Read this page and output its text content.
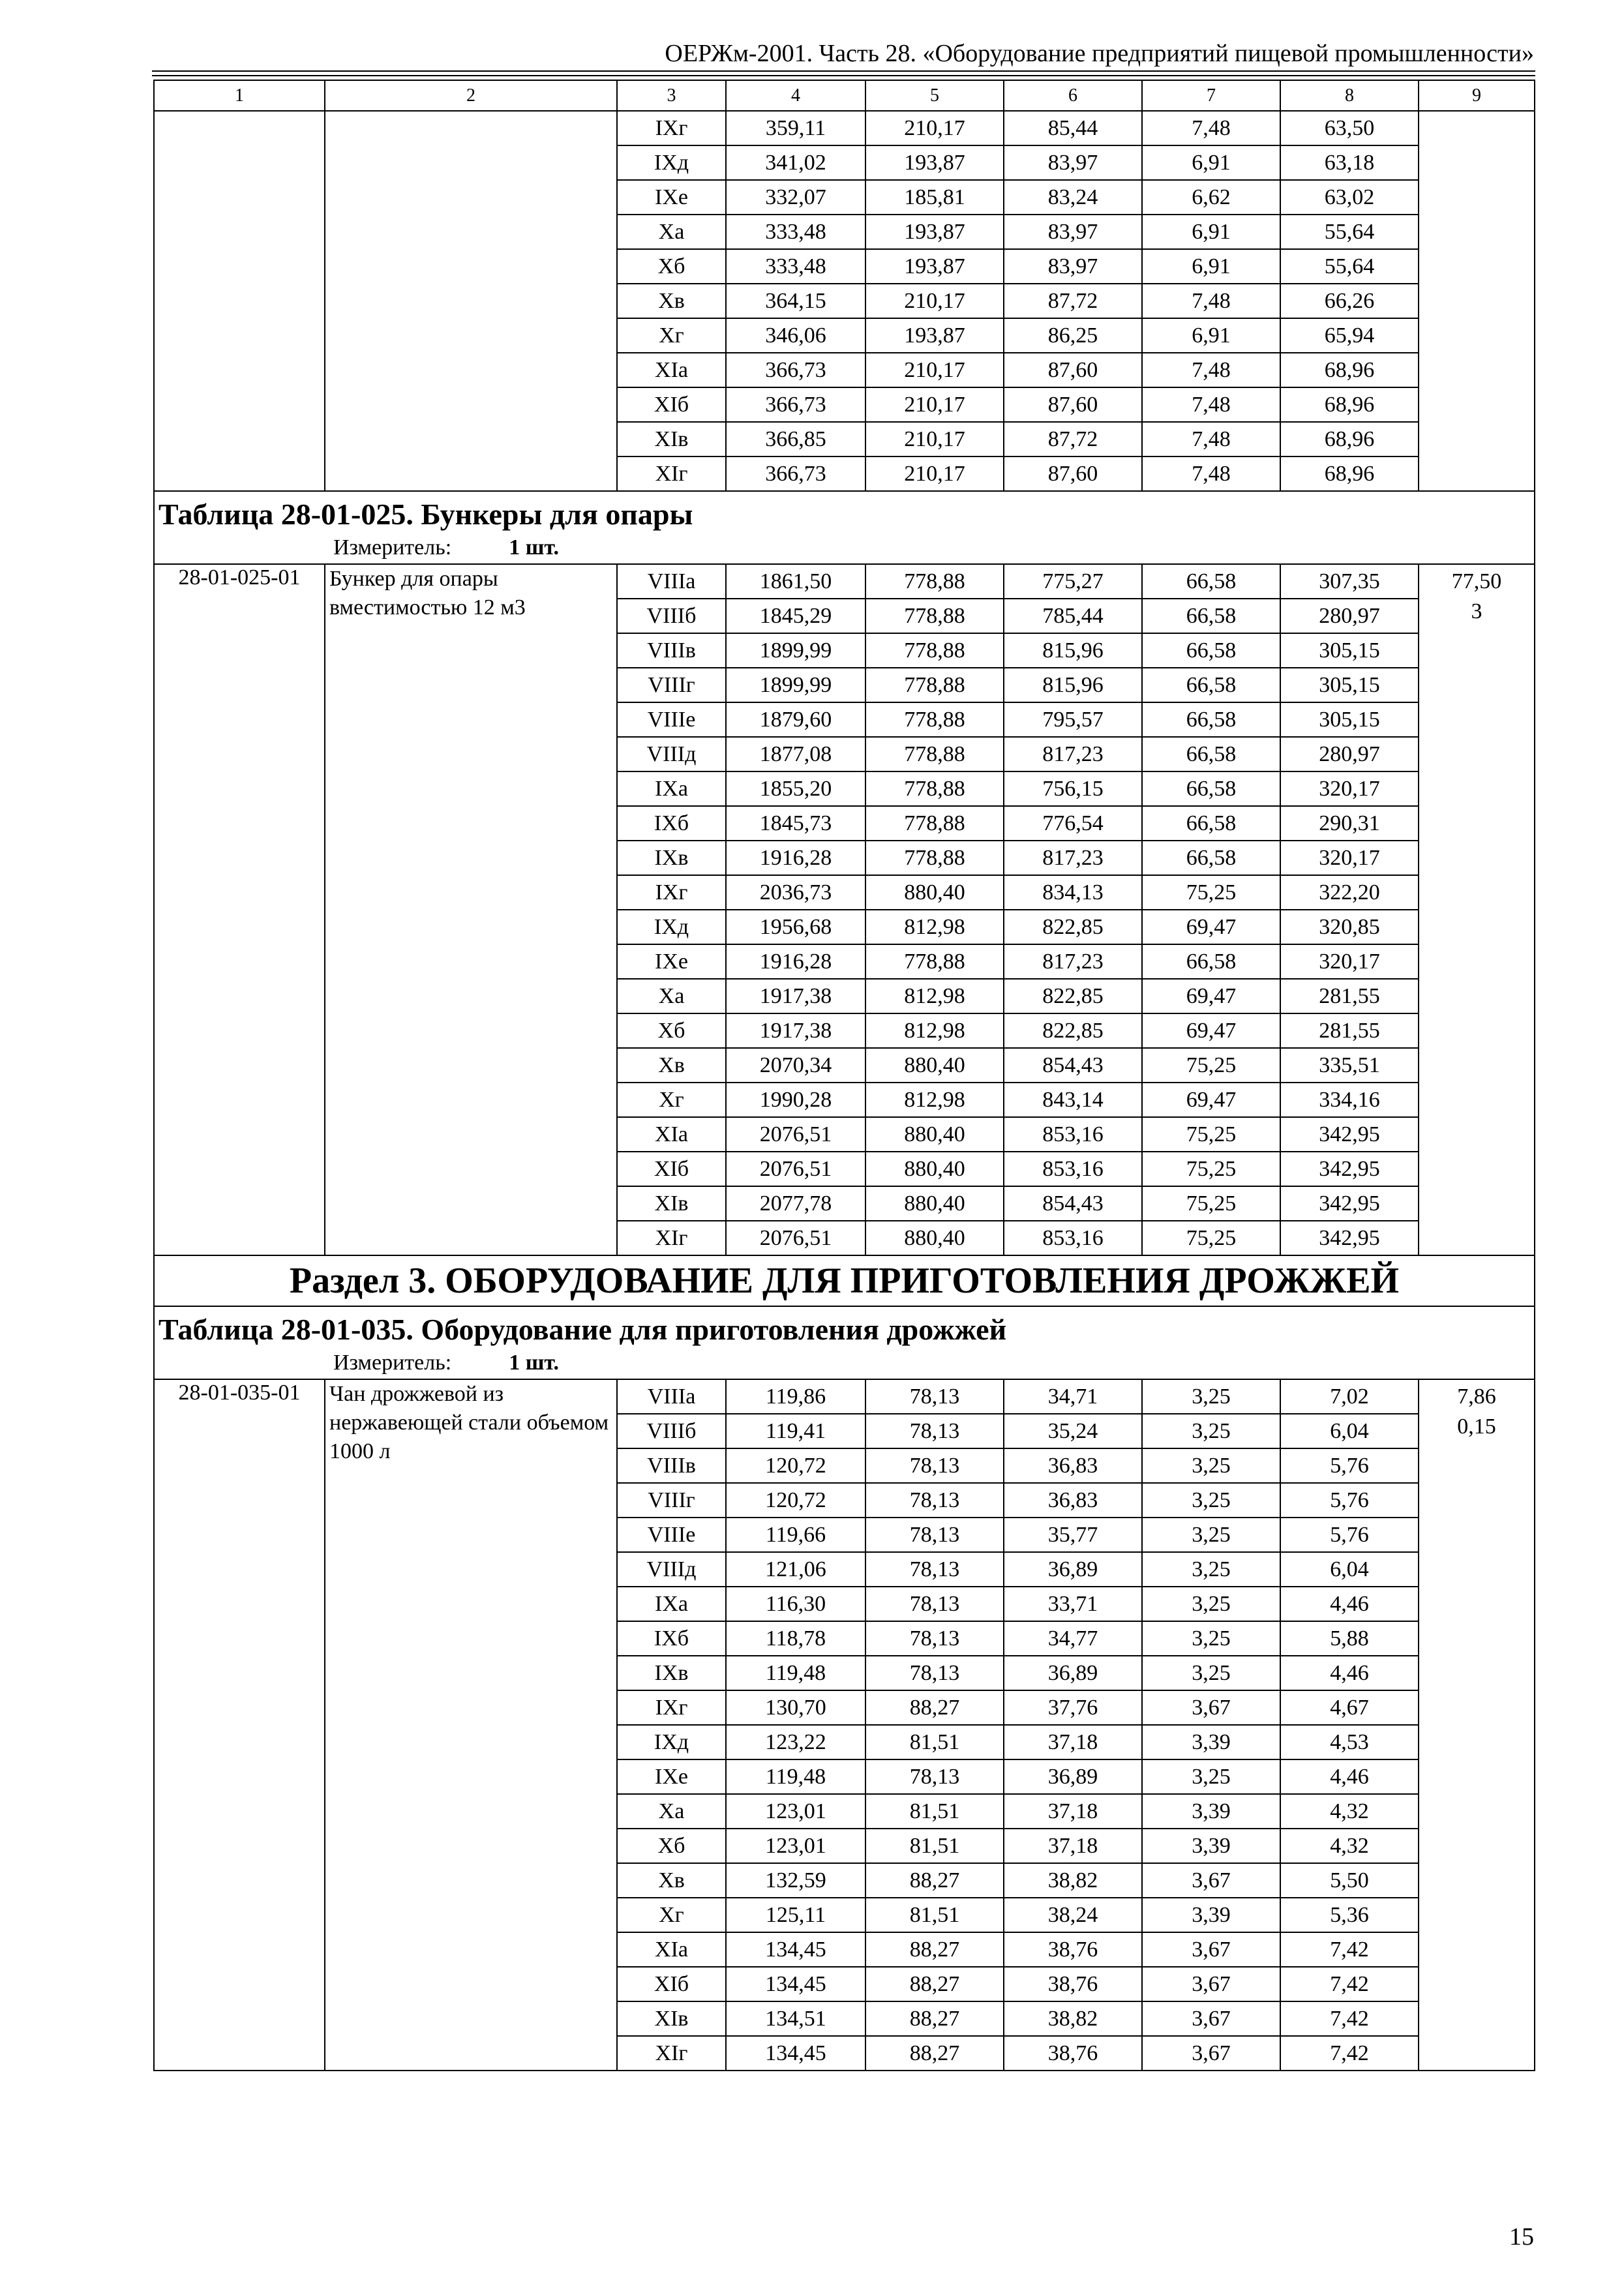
ОЕРЖм-2001. Часть 28. «Оборудование предприятий пищевой промышленности»
1	2	3	4	5	6	7	8	9
		IXг	359,11	210,17	85,44	7,48	63,50	
		IXд	341,02	193,87	83,97	6,91	63,18	
		IXе	332,07	185,81	83,24	6,62	63,02	
		Xа	333,48	193,87	83,97	6,91	55,64	
		Xб	333,48	193,87	83,97	6,91	55,64	
		Xв	364,15	210,17	87,72	7,48	66,26	
		Xг	346,06	193,87	86,25	6,91	65,94	
		XIа	366,73	210,17	87,60	7,48	68,96	
		XIб	366,73	210,17	87,60	7,48	68,96	
		XIв	366,85	210,17	87,72	7,48	68,96	
		XIг	366,73	210,17	87,60	7,48	68,96	

Таблица 28-01-025. Бункеры для опары
Измеритель: 1 шт.								

28-01-025-01	Бункер для опары вместимостью 12 м3	VIIIа	1861,50	778,88	775,27	66,58	307,35	77,50
		VIIIб	1845,29	778,88	785,44	66,58	280,97	3
		VIIIв	1899,99	778,88	815,96	66,58	305,15	
		VIIIг	1899,99	778,88	815,96	66,58	305,15	
		VIIIе	1879,60	778,88	795,57	66,58	305,15	
		VIIIд	1877,08	778,88	817,23	66,58	280,97	
		IXа	1855,20	778,88	756,15	66,58	320,17	
		IXб	1845,73	778,88	776,54	66,58	290,31	
		IXв	1916,28	778,88	817,23	66,58	320,17	
		IXг	2036,73	880,40	834,13	75,25	322,20	
		IXд	1956,68	812,98	822,85	69,47	320,85	
		IXе	1916,28	778,88	817,23	66,58	320,17	
		Xа	1917,38	812,98	822,85	69,47	281,55	
		Xб	1917,38	812,98	822,85	69,47	281,55	
		Xв	2070,34	880,40	854,43	75,25	335,51	
		Xг	1990,28	812,98	843,14	69,47	334,16	
		XIа	2076,51	880,40	853,16	75,25	342,95	
		XIб	2076,51	880,40	853,16	75,25	342,95	
		XIв	2077,78	880,40	854,43	75,25	342,95	
		XIг	2076,51	880,40	853,16	75,25	342,95	
Раздел 3. ОБОРУДОВАНИЕ ДЛЯ ПРИГОТОВЛЕНИЯ ДРОЖЖЕЙ								

Таблица 28-01-035. Оборудование для приготовления дрожжей
Измеритель: 1 шт.								

28-01-035-01	Чан дрожжевой из нержавеющей стали объемом 1000 л	VIIIа	119,86	78,13	34,71	3,25	7,02	7,86
		VIIIб	119,41	78,13	35,24	3,25	6,04	0,15
		VIIIв	120,72	78,13	36,83	3,25	5,76	
		VIIIг	120,72	78,13	36,83	3,25	5,76	
		VIIIе	119,66	78,13	35,77	3,25	5,76	
		VIIIд	121,06	78,13	36,89	3,25	6,04	
		IXа	116,30	78,13	33,71	3,25	4,46	
		IXб	118,78	78,13	34,77	3,25	5,88	
		IXв	119,48	78,13	36,89	3,25	4,46	
		IXг	130,70	88,27	37,76	3,67	4,67	
		IXд	123,22	81,51	37,18	3,39	4,53	
		IXе	119,48	78,13	36,89	3,25	4,46	
		Xа	123,01	81,51	37,18	3,39	4,32	
		Xб	123,01	81,51	37,18	3,39	4,32	
		Xв	132,59	88,27	38,82	3,67	5,50	
		Xг	125,11	81,51	38,24	3,39	5,36	
		XIа	134,45	88,27	38,76	3,67	7,42	
		XIб	134,45	88,27	38,76	3,67	7,42	
		XIв	134,51	88,27	38,82	3,67	7,42	
		XIг	134,45	88,27	38,76	3,67	7,42	
15
